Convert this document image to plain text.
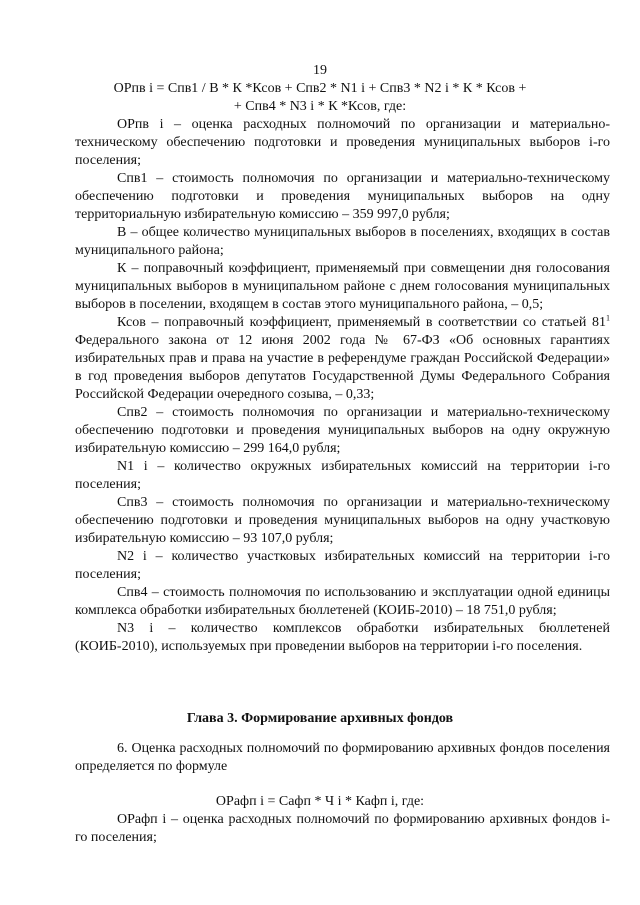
19
ОРпв i = Спв1 / В * К *Ксов + Спв2 * N1 i + Спв3 * N2 i * К * Ксов +
+ Спв4 * N3 i * К *Ксов, где:

ОРпв i – оценка расходных полномочий по организации и материально-техническому обеспечению подготовки и проведения муниципальных выборов i-го поселения;

Спв1 – стоимость полномочия по организации и материально-техническому обеспечению подготовки и проведения муниципальных выборов на одну территориальную избирательную комиссию – 359 997,0 рубля;

В – общее количество муниципальных выборов в поселениях, входящих в состав муниципального района;

К – поправочный коэффициент, применяемый при совмещении дня голосования муниципальных выборов в муниципальном районе с днем голосования муниципальных выборов в поселении, входящем в состав этого муниципального района, – 0,5;

Ксов – поправочный коэффициент, применяемый в соответствии со статьей $81^1$ Федерального закона от 12 июня 2002 года № 67-ФЗ «Об основных гарантиях избирательных прав и права на участие в референдуме граждан Российской Федерации» в год проведения выборов депутатов Государственной Думы Федерального Собрания Российской Федерации очередного созыва, – 0,33;

Спв2 – стоимость полномочия по организации и материально-техническому обеспечению подготовки и проведения муниципальных выборов на одну окружную избирательную комиссию – 299 164,0 рубля;

N1 i – количество окружных избирательных комиссий на территории i-го поселения;

Спв3 – стоимость полномочия по организации и материально-техническому обеспечению подготовки и проведения муниципальных выборов на одну участковую избирательную комиссию – 93 107,0 рубля;

N2 i – количество участковых избирательных комиссий на территории i-го поселения;

Спв4 – стоимость полномочия по использованию и эксплуатации одной единицы комплекса обработки избирательных бюллетеней (КОИБ-2010) – 18 751,0 рубля;

N3 i – количество комплексов обработки избирательных бюллетеней (КОИБ-2010), используемых при проведении выборов на территории i-го поселения.

Глава 3. Формирование архивных фондов

6. Оценка расходных полномочий по формированию архивных фондов поселения определяется по формуле

ОРафп i = Сафп * Ч i * Кафп i, где:

ОРафп i – оценка расходных полномочий по формированию архивных фондов i-го поселения;
